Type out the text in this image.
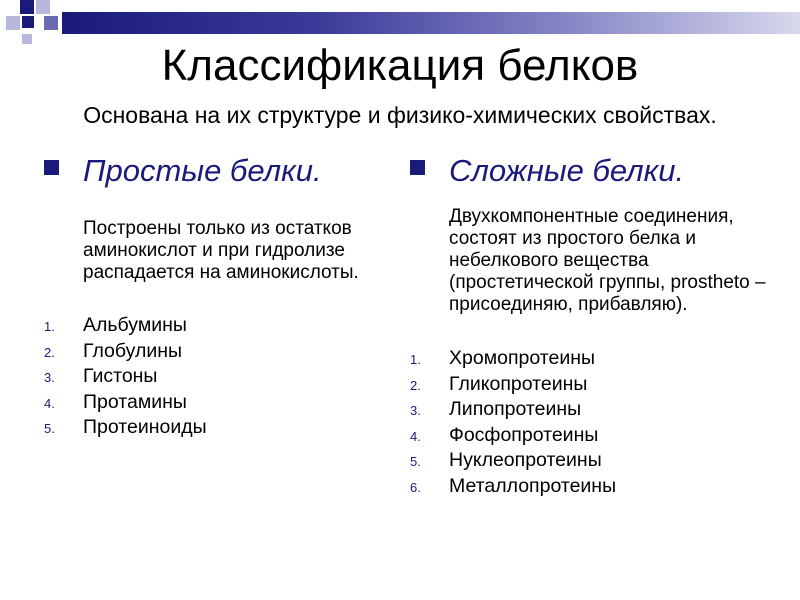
Классификация белков
Основана на их структуре и физико-химических свойствах.
Простые белки.
Построены только из остатков аминокислот и при гидролизе распадается на аминокислоты.
1.	Альбумины
2.	Глобулины
3.	Гистоны
4.	Протамины
5.	Протеиноиды
Сложные белки.
Двухкомпонентные соединения, состоят из простого белка и небелкового вещества (простетической группы, prostheto – присоединяю, прибавляю).
1.	Хромопротеины
2.	Гликопротеины
3.	Липопротеины
4.	Фосфопротеины
5.	Нуклеопротеины
6.	Металлопротеины
